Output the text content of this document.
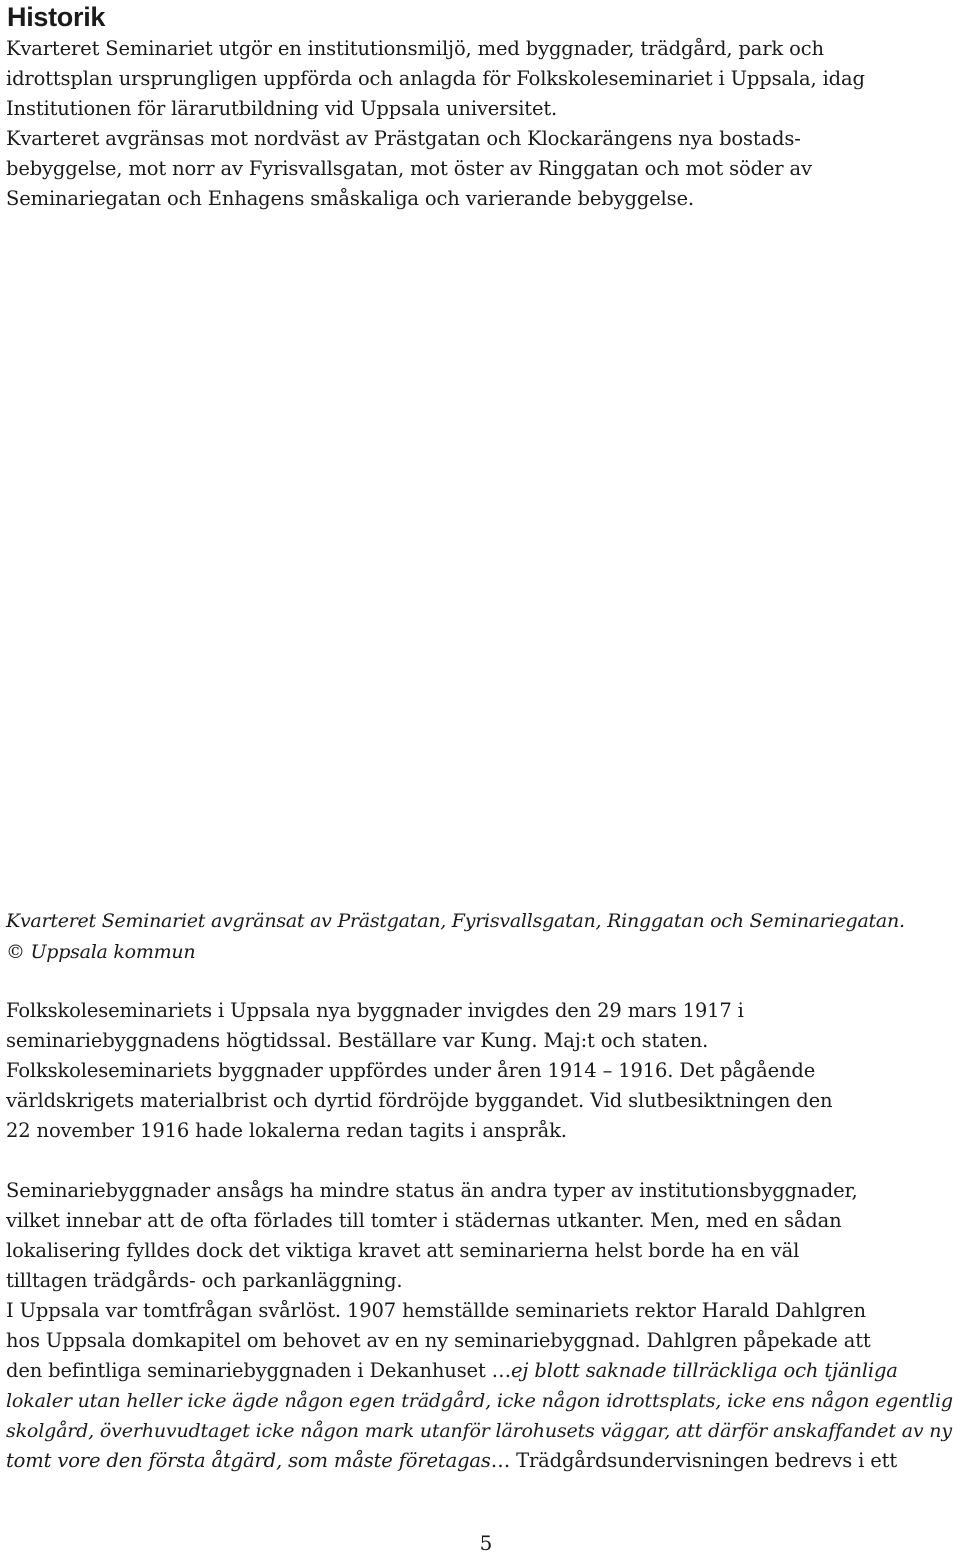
Historik

Kvarteret Seminariet utgör en institutionsmiljö, med byggnader, trädgård, park och
idrottsplan ursprungligen uppförda och anlagda för Folkskoleseminariet i Uppsala, idag
Institutionen för lärarutbildning vid Uppsala universitet.
Kvarteret avgränsas mot nordväst av Prästgatan och Klockarängens nya bostads-
bebyggelse, mot norr av Fyrisvallsgatan, mot öster av Ringgatan och mot söder av
Seminariegatan och Enhagens småskaliga och varierande bebyggelse.

Kvarteret Seminariet avgränsat av Prästgatan, Fyrisvallsgatan, Ringgatan och Seminariegatan.
© Uppsala kommun

Folkskoleseminariets i Uppsala nya byggnader invigdes den 29 mars 1917 i
seminariebyggnadens högtidssal. Beställare var Kung. Maj:t och staten.
Folkskoleseminariets byggnader uppfördes under åren 1914 – 1916. Det pågående
världskrigets materialbrist och dyrtid fördröjde byggandet. Vid slutbesiktningen den
22 november 1916 hade lokalerna redan tagits i anspråk.

Seminariebyggnader ansågs ha mindre status än andra typer av institutionsbyggnader,
vilket innebar att de ofta förlades till tomter i städernas utkanter. Men, med en sådan
lokalisering fylldes dock det viktiga kravet att seminarierna helst borde ha en väl
tilltagen trädgårds- och parkanläggning.
I Uppsala var tomtfrågan svårlöst. 1907 hemställde seminariets rektor Harald Dahlgren
hos Uppsala domkapitel om behovet av en ny seminariebyggnad. Dahlgren påpekade att
den befintliga seminariebyggnaden i Dekanhuset …ej blott saknade tillräckliga och tjänliga
lokaler utan heller icke ägde någon egen trädgård, icke någon idrottsplats, icke ens någon egentlig
skolgård, överhuvudtaget icke någon mark utanför lärohusets väggar, att därför anskaffandet av ny
tomt vore den första åtgärd, som måste företagas… Trädgårdsundervisningen bedrevs i ett

5
